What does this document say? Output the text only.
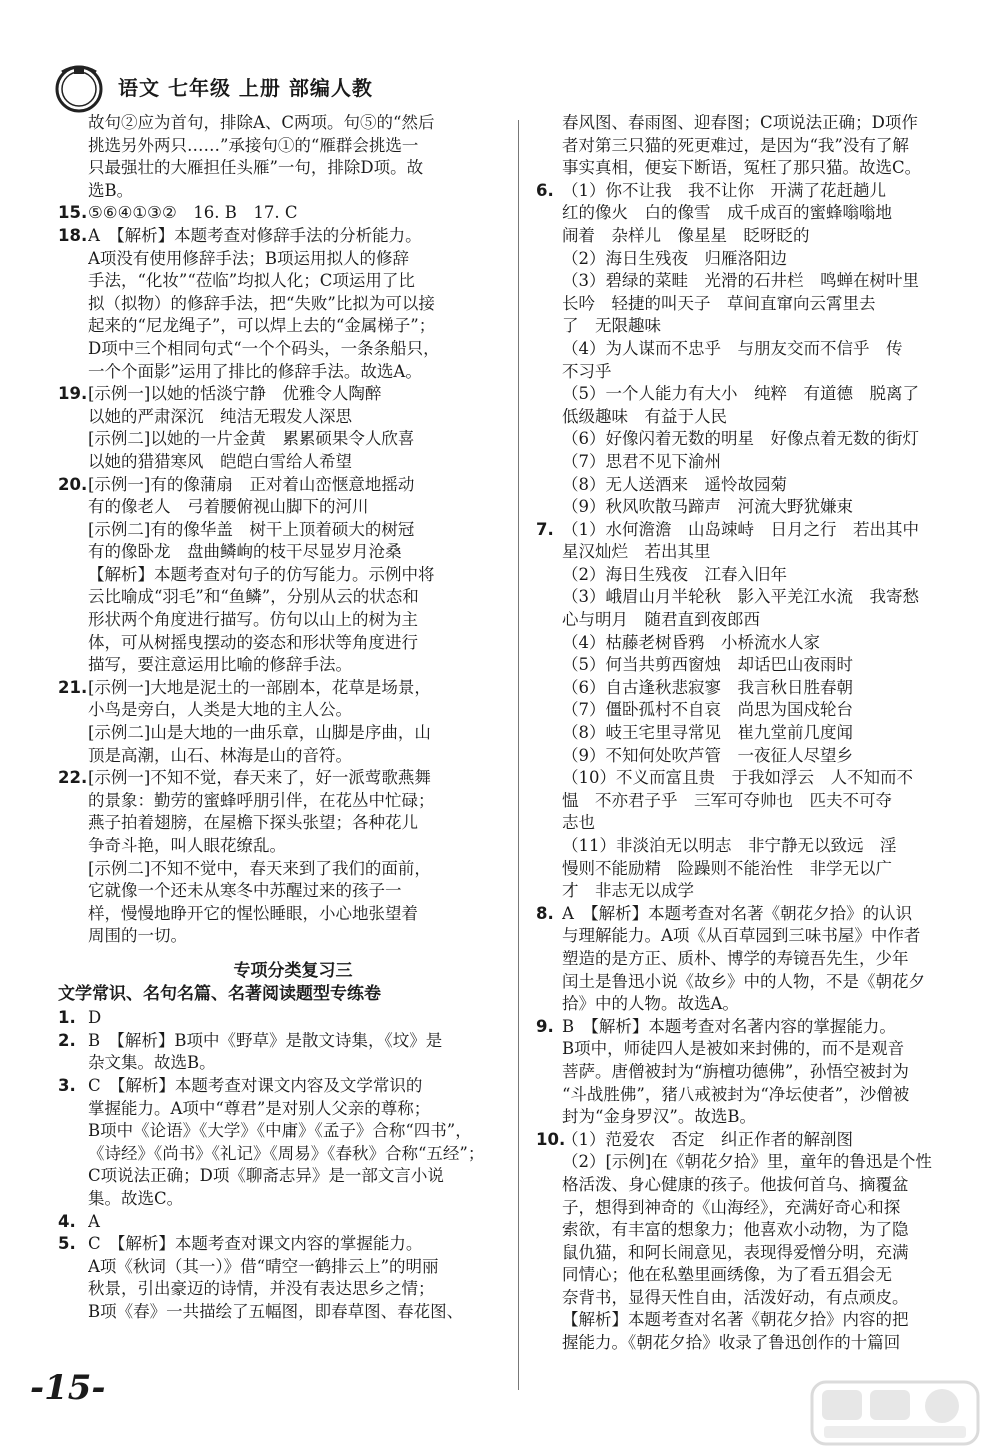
语文 七年级 上册 部编人教
故句②应为首句，排除A、C两项。句⑤的“然后
挑选另外两只……”承接句①的“雁群会挑选一
只最强壮的大雁担任头雁”一句，排除D项。故
选B。
15. ⑤⑥④①③②　16. B　17. C
18. A　【解析】本题考查对修辞手法的分析能力。
A项没有使用修辞手法；B项运用拟人的修辞
手法，“化妆”“莅临”均拟人化；C项运用了比
拟（拟物）的修辞手法，把“失败”比拟为可以接
起来的“尼龙绳子”，可以焊上去的“金属梯子”；
D项中三个相同句式“一个个码头，一条条船只，
一个个面影”运用了排比的修辞手法。故选A。
19. [示例一]以她的恬淡宁静　优雅令人陶醉
以她的严肃深沉　纯洁无瑕发人深思
[示例二]以她的一片金黄　累累硕果令人欣喜
以她的猎猎寒风　皑皑白雪给人希望
20. [示例一]有的像蒲扇　正对着山峦惬意地摇动
有的像老人　弓着腰俯视山脚下的河川
[示例二]有的像华盖　树干上顶着硕大的树冠
有的像卧龙　盘曲鳞峋的枝干尽显岁月沧桑
【解析】本题考查对句子的仿写能力。示例中将
云比喻成“羽毛”和“鱼鳞”，分别从云的状态和
形状两个角度进行描写。仿句以山上的树为主
体，可从树摇曳摆动的姿态和形状等角度进行
描写，要注意运用比喻的修辞手法。
21. [示例一]大地是泥土的一部剧本，花草是场景，
小鸟是旁白，人类是大地的主人公。
[示例二]山是大地的一曲乐章，山脚是序曲，山
顶是高潮，山石、林海是山的音符。
22. [示例一]不知不觉，春天来了，好一派莺歌燕舞
的景象：勤劳的蜜蜂呼朋引伴，在花丛中忙碌；
燕子拍着翅膀，在屋檐下探头张望；各种花儿
争奇斗艳，叫人眼花缭乱。
[示例二]不知不觉中，春天来到了我们的面前，
它就像一个还未从寒冬中苏醒过来的孩子一
样，慢慢地睁开它的惺忪睡眼，小心地张望着
周围的一切。
专项分类复习三
文学常识、名句名篇、名著阅读题型专练卷
1. D
2. B　【解析】B项中《野草》是散文诗集，《坟》是
杂文集。故选B。
3. C　【解析】本题考查对课文内容及文学常识的
掌握能力。A项中“尊君”是对别人父亲的尊称；
B项中《论语》《大学》《中庸》《孟子》合称“四书”，
《诗经》《尚书》《礼记》《周易》《春秋》合称“五经”；
C项说法正确；D项《聊斋志异》是一部文言小说
集。故选C。
4. A
5. C　【解析】本题考查对课文内容的掌握能力。
A项《秋词（其一）》借“晴空一鹤排云上”的明丽
秋景，引出豪迈的诗情，并没有表达思乡之情；
B项《春》一共描绘了五幅图，即春草图、春花图、
春风图、春雨图、迎春图；C项说法正确；D项作
者对第三只猫的死更难过，是因为“我”没有了解
事实真相，便妄下断语，冤枉了那只猫。故选C。
6. （1）你不让我　我不让你　开满了花赶趟儿
红的像火　白的像雪　成千成百的蜜蜂嗡嗡地
闹着　杂样儿　像星星　眨呀眨的
（2）海日生残夜　归雁洛阳边
（3）碧绿的菜畦　光滑的石井栏　鸣蝉在树叶里
长吟　轻捷的叫天子　草间直窜向云霄里去
了　无限趣味
（4）为人谋而不忠乎　与朋友交而不信乎　传
不习乎
（5）一个人能力有大小　纯粹　有道德　脱离了
低级趣味　有益于人民
（6）好像闪着无数的明星　好像点着无数的街灯
（7）思君不见下渝州
（8）无人送酒来　遥怜故园菊
（9）秋风吹散马蹄声　河流大野犹嫌束
7. （1）水何澹澹　山岛竦峙　日月之行　若出其中
星汉灿烂　若出其里
（2）海日生残夜　江春入旧年
（3）峨眉山月半轮秋　影入平羌江水流　我寄愁
心与明月　随君直到夜郎西
（4）枯藤老树昏鸦　小桥流水人家
（5）何当共剪西窗烛　却话巴山夜雨时
（6）自古逢秋悲寂寥　我言秋日胜春朝
（7）僵卧孤村不自哀　尚思为国戍轮台
（8）岐王宅里寻常见　崔九堂前几度闻
（9）不知何处吹芦管　一夜征人尽望乡
（10）不义而富且贵　于我如浮云　人不知而不
愠　不亦君子乎　三军可夺帅也　匹夫不可夺
志也
（11）非淡泊无以明志　非宁静无以致远　淫
慢则不能励精　险躁则不能治性　非学无以广
才　非志无以成学
8. A　【解析】本题考查对名著《朝花夕拾》的认识
与理解能力。A项《从百草园到三味书屋》中作者
塑造的是方正、质朴、博学的寿镜吾先生，少年
闰土是鲁迅小说《故乡》中的人物，不是《朝花夕
拾》中的人物。故选A。
9. B　【解析】本题考查对名著内容的掌握能力。
B项中，师徒四人是被如来封佛的，而不是观音
菩萨。唐僧被封为“旃檀功德佛”，孙悟空被封为
“斗战胜佛”，猪八戒被封为“净坛使者”，沙僧被
封为“金身罗汉”。故选B。
10.
（1）范爱农　否定　纠正作者的解剖图
（2）[示例]在《朝花夕拾》里，童年的鲁迅是个性
格活泼、身心健康的孩子。他拔何首乌、摘覆盆
子，想得到神奇的《山海经》，充满好奇心和探
索欲，有丰富的想象力；他喜欢小动物，为了隐
鼠仇猫，和阿长闹意见，表现得爱憎分明，充满
同情心；他在私塾里画绣像，为了看五猖会无
奈背书，显得天性自由，活泼好动，有点顽皮。
【解析】本题考查对名著《朝花夕拾》内容的把
握能力。《朝花夕拾》收录了鲁迅创作的十篇回
-15-
